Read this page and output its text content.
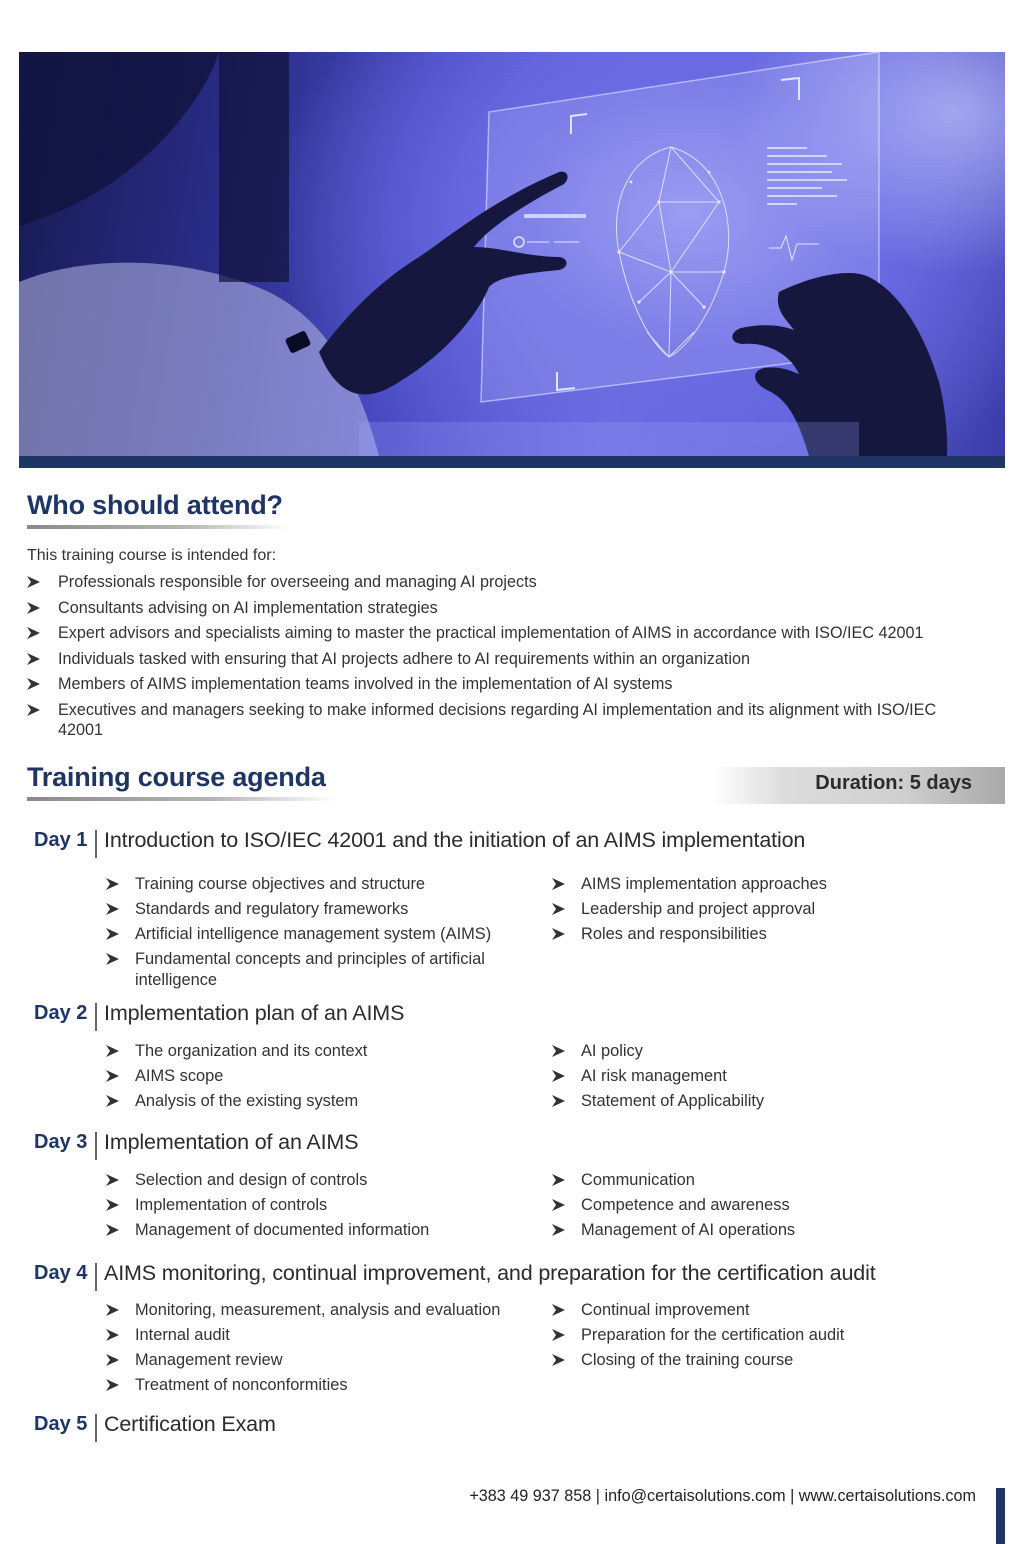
Who should attend?
This training course is intended for:
Professionals responsible for overseeing and managing AI projects
Consultants advising on AI implementation strategies
Expert advisors and specialists aiming to master the practical implementation of AIMS in accordance with ISO/IEC 42001
Individuals tasked with ensuring that AI projects adhere to AI requirements within an organization
Members of AIMS implementation teams involved in the implementation of AI systems
Executives and managers seeking to make informed decisions regarding AI implementation and its alignment with ISO/IEC 42001
Training course agenda	Duration: 5 days
Day 1 Introduction to ISO/IEC 42001 and the initiation of an AIMS implementation
Training course objectives and structure
Standards and regulatory frameworks
Artificial intelligence management system (AIMS)
Fundamental concepts and principles of artificial intelligence
AIMS implementation approaches
Leadership and project approval
Roles and responsibilities
Day 2 Implementation plan of an AIMS
The organization and its context
AIMS scope
Analysis of the existing system
AI policy
AI risk management
Statement of Applicability
Day 3 Implementation of an AIMS
Selection and design of controls
Implementation of controls
Management of documented information
Communication
Competence and awareness
Management of AI operations
Day 4 AIMS monitoring, continual improvement, and preparation for the certification audit
Monitoring, measurement, analysis and evaluation
Internal audit
Management review
Treatment of nonconformities
Continual improvement
Preparation for the certification audit
Closing of the training course
Day 5 Certification Exam
+383 49 937 858 | info@certaisolutions.com | www.certaisolutions.com
